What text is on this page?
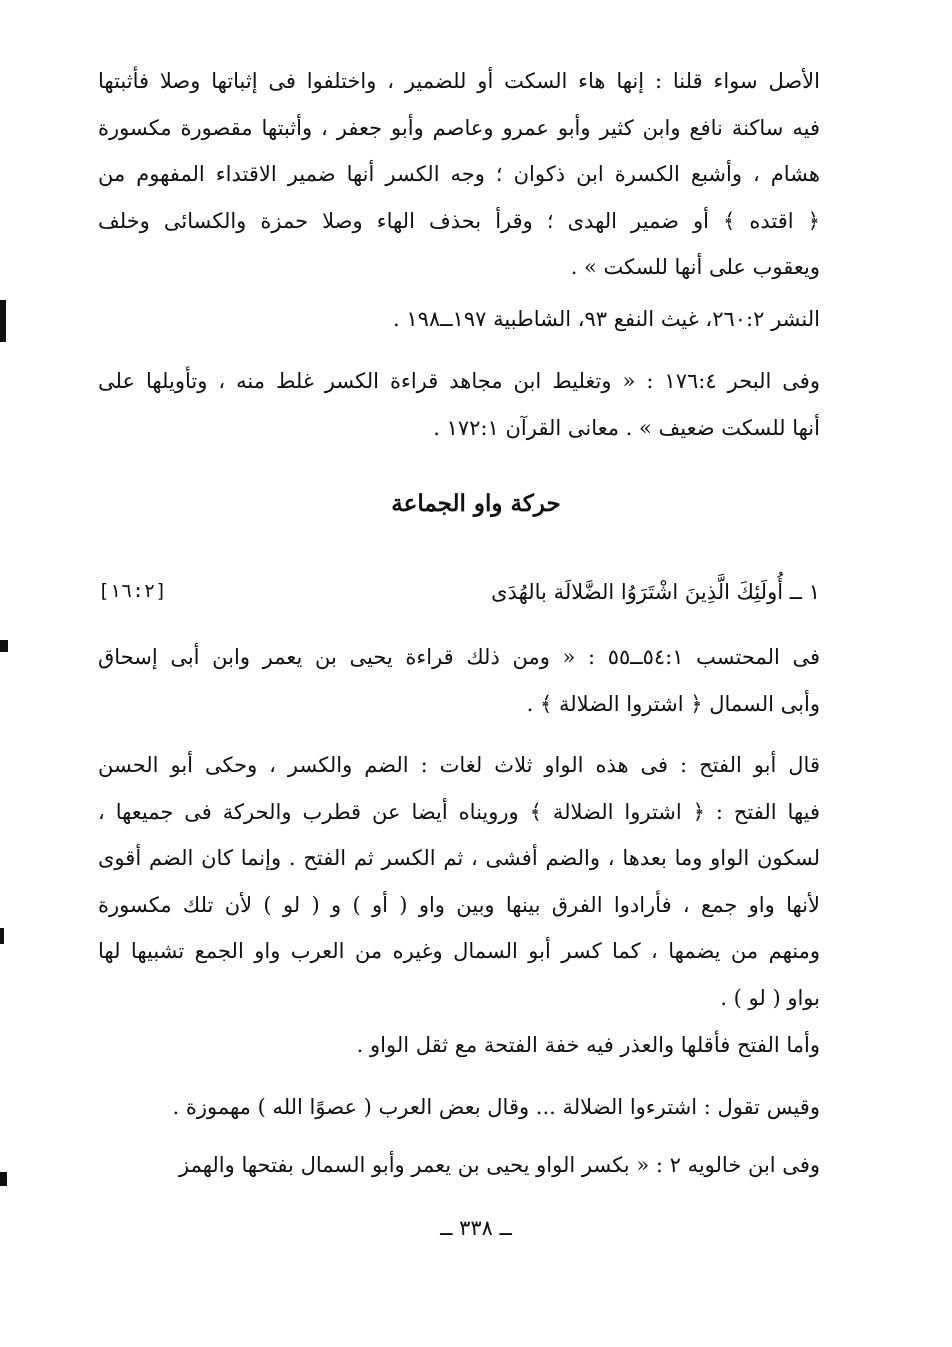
الأصل سواء قلنا : إنها هاء السكت أو للضمير ، واختلفوا فى إثباتها وصلا فأثبتها
فيه ساكنة نافع وابن كثير وأبو عمرو وعاصم وأبو جعفر ، وأثبتها مقصورة مكسورة
هشام ، وأشبع الكسرة ابن ذكوان ؛ وجه الكسر أنها ضمير الاقتداء المفهوم من
﴿ اقتده ﴾ أو ضمير الهدى ؛ وقرأ بحذف الهاء وصلا حمزة والكسائى وخلف
ويعقوب على أنها للسكت » .
النشر ٢٦٠:٢، غيث النفع ٩٣، الشاطبية ١٩٧ــ١٩٨ .
وفى البحر ١٧٦:٤ : « وتغليط ابن مجاهد قراءة الكسر غلط منه ، وتأويلها على
أنها للسكت ضعيف » . معانى القرآن ١٧٢:١ .
حركة واو الجماعة
١ ــ أُولَئِكَ الَّذِينَ اشْتَرَوُا الضَّلالَة بالهُدَى
[١٦:٢]
فى المحتسب ٥٤:١ــ٥٥ : « ومن ذلك قراءة يحيى بن يعمر وابن أبى إسحاق
وأبى السمال ﴿ اشتروا الضلالة ﴾ .
قال أبو الفتح : فى هذه الواو ثلاث لغات : الضم والكسر ، وحكى أبو الحسن
فيها الفتح : ﴿ اشتروا الضلالة ﴾ ورويناه أيضا عن قطرب والحركة فى جميعها ،
لسكون الواو وما بعدها ، والضم أفشى ، ثم الكسر ثم الفتح . وإنما كان الضم أقوى
لأنها واو جمع ، فأرادوا الفرق بينها وبين واو ( أو ) و ( لو ) لأن تلك مكسورة
ومنهم من يضمها ، كما كسر أبو السمال وغيره من العرب واو الجمع تشبيها لها
بواو ( لو ) .
وأما الفتح فأقلها والعذر فيه خفة الفتحة مع ثقل الواو .
وقيس تقول : اشترءوا الضلالة ... وقال بعض العرب ( عصوًا الله ) مهموزة .
وفى ابن خالويه ٢ : « بكسر الواو يحيى بن يعمر وأبو السمال بفتحها والهمز
ــ ٣٣٨ ــ
